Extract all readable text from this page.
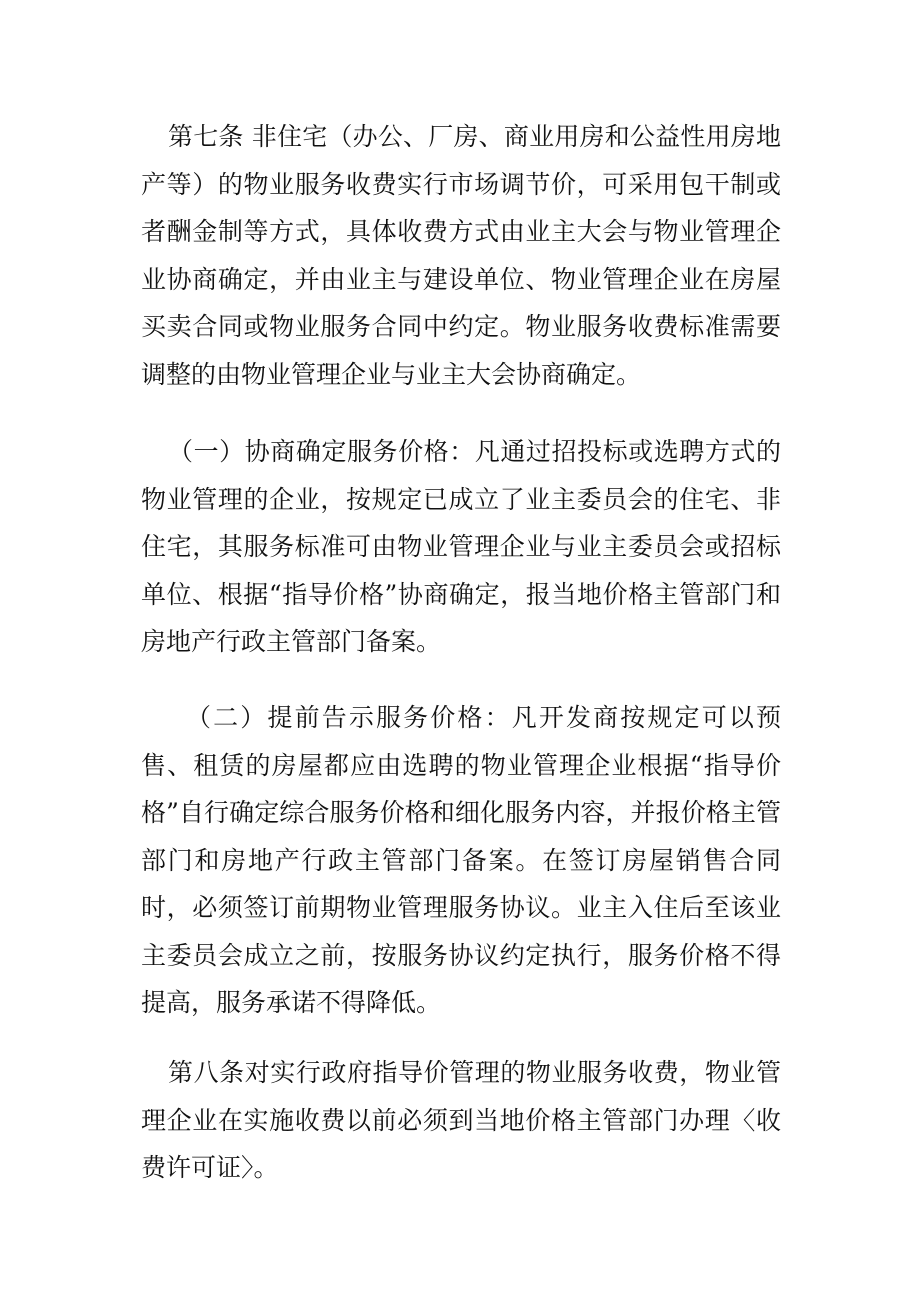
第七条 非住宅（办公、厂房、商业用房和公益性用房地产等）的物业服务收费实行市场调节价，可采用包干制或者酬金制等方式，具体收费方式由业主大会与物业管理企业协商确定，并由业主与建设单位、物业管理企业在房屋买卖合同或物业服务合同中约定。物业服务收费标准需要调整的由物业管理企业与业主大会协商确定。

（一）协商确定服务价格：凡通过招投标或选聘方式的物业管理的企业，按规定已成立了业主委员会的住宅、非住宅，其服务标准可由物业管理企业与业主委员会或招标单位、根据“指导价格”协商确定，报当地价格主管部门和房地产行政主管部门备案。

（二）提前告示服务价格：凡开发商按规定可以预售、租赁的房屋都应由选聘的物业管理企业根据“指导价格”自行确定综合服务价格和细化服务内容，并报价格主管部门和房地产行政主管部门备案。在签订房屋销售合同时，必须签订前期物业管理服务协议。业主入住后至该业主委员会成立之前，按服务协议约定执行，服务价格不得提高，服务承诺不得降低。

第八条对实行政府指导价管理的物业服务收费，物业管理企业在实施收费以前必须到当地价格主管部门办理〈收费许可证〉。
